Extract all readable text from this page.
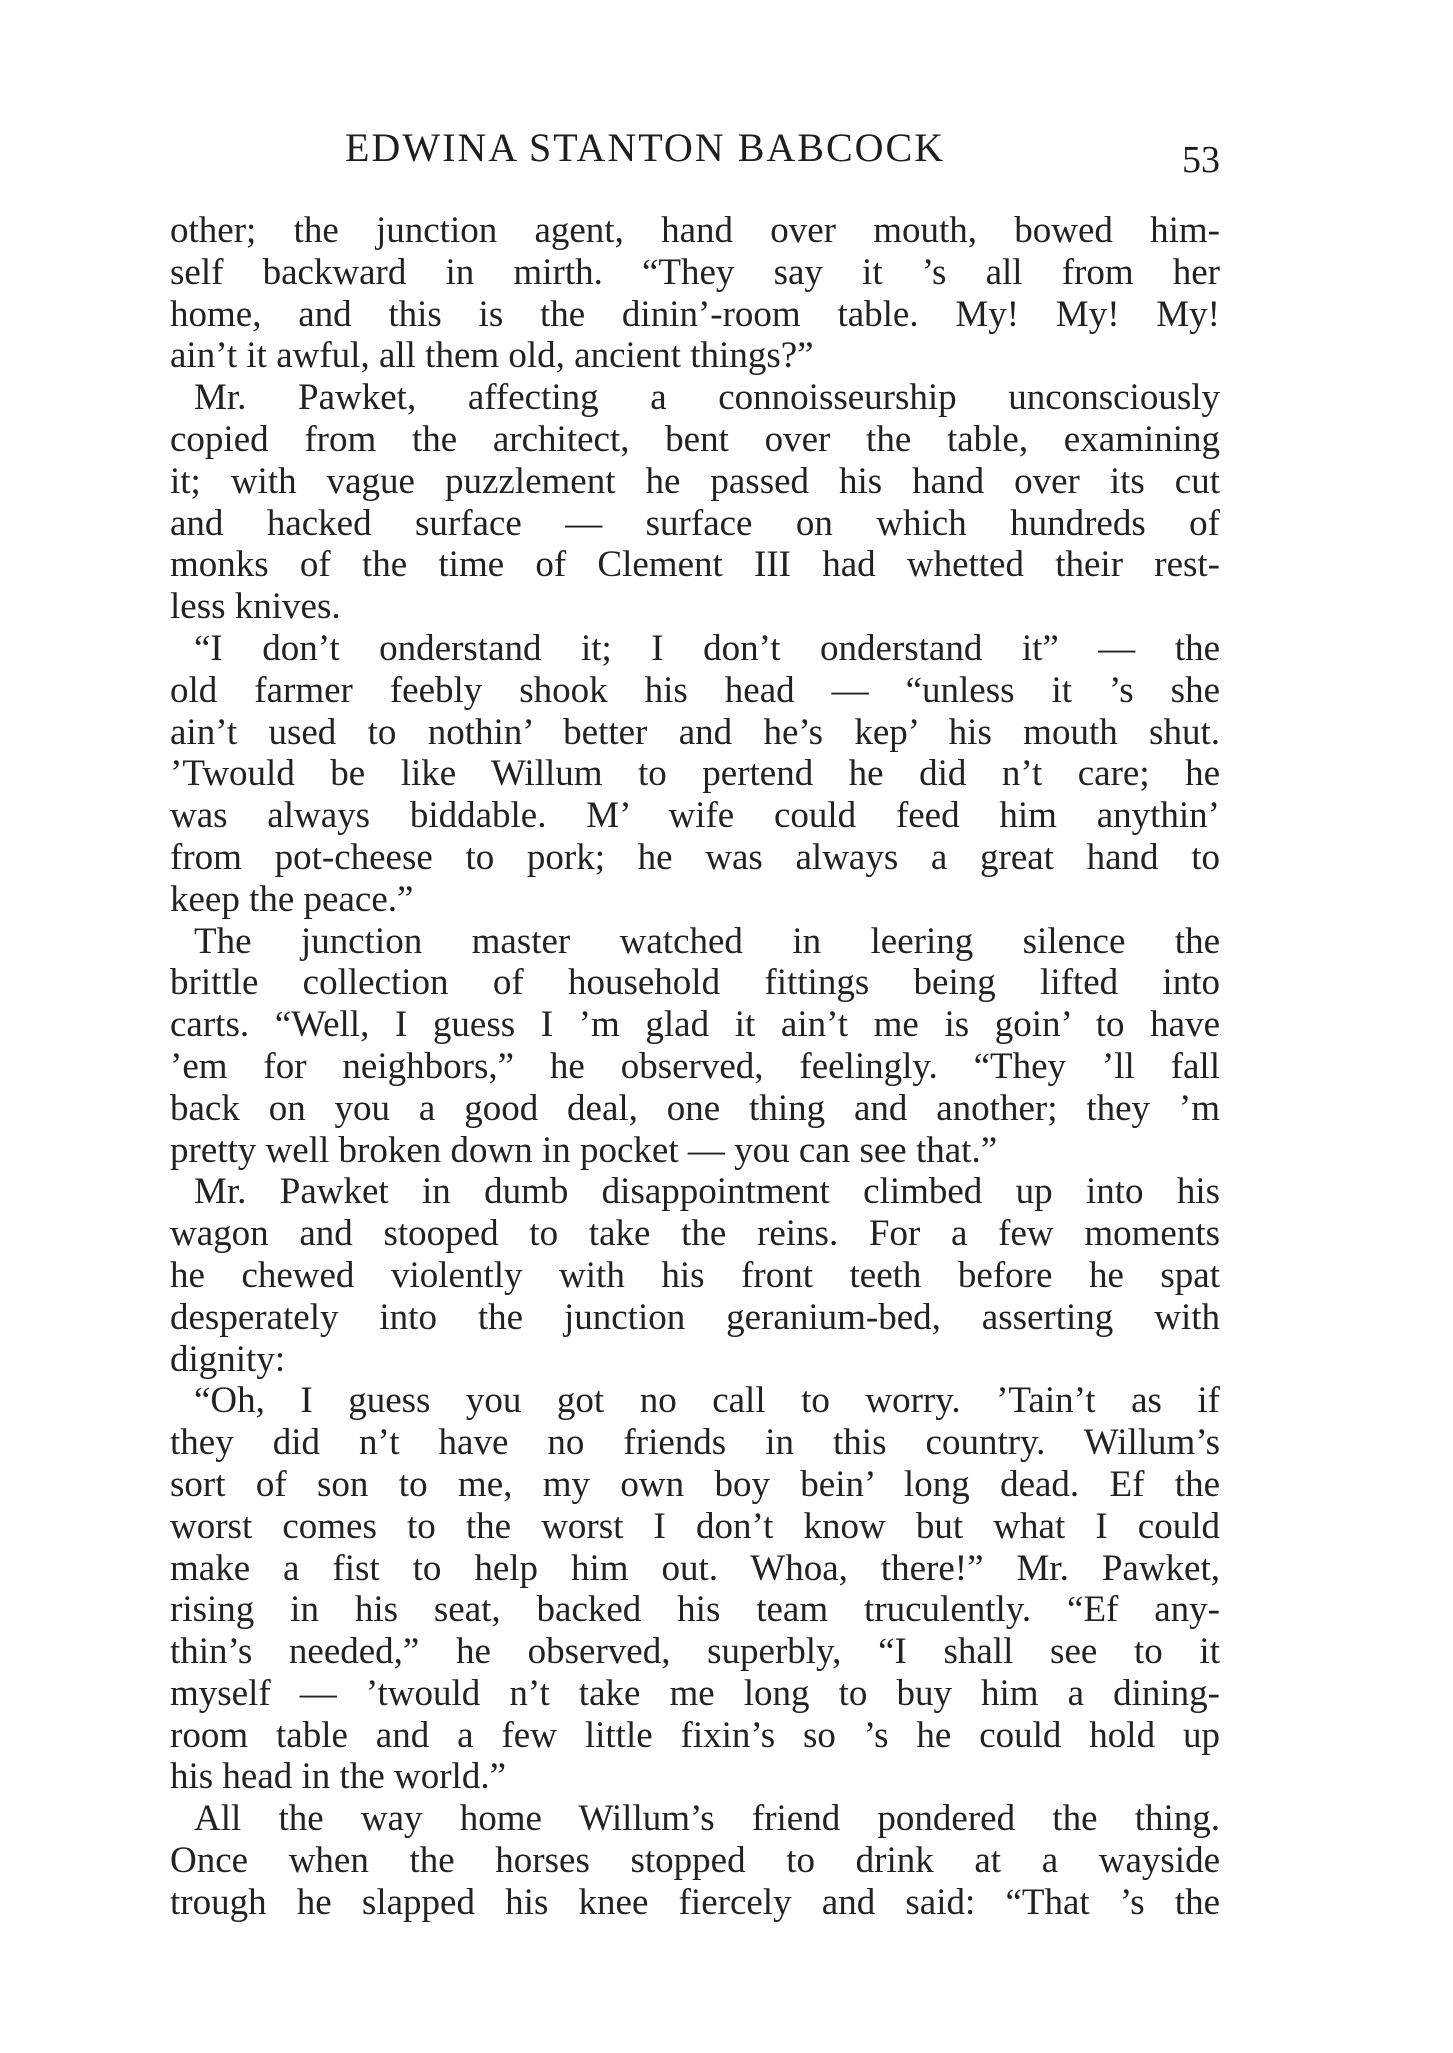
EDWINA STANTON BABCOCK	53
other; the junction agent, hand over mouth, bowed him-
self backward in mirth. “They say it ’s all from her
home, and this is the dinin’-room table. My! My! My!
ain’t it awful, all them old, ancient things?”
Mr. Pawket, affecting a connoisseurship unconsciously
copied from the architect, bent over the table, examining
it; with vague puzzlement he passed his hand over its cut
and hacked surface — surface on which hundreds of
monks of the time of Clement III had whetted their rest-
less knives.
“I don’t onderstand it; I don’t onderstand it” — the
old farmer feebly shook his head — “unless it ’s she
ain’t used to nothin’ better and he’s kep’ his mouth shut.
’Twould be like Willum to pertend he did n’t care; he
was always biddable. M’ wife could feed him anythin’
from pot-cheese to pork; he was always a great hand to
keep the peace.”
The junction master watched in leering silence the
brittle collection of household fittings being lifted into
carts. “Well, I guess I ’m glad it ain’t me is goin’ to have
’em for neighbors,” he observed, feelingly. “They ’ll fall
back on you a good deal, one thing and another; they ’m
pretty well broken down in pocket — you can see that.”
Mr. Pawket in dumb disappointment climbed up into his
wagon and stooped to take the reins. For a few moments
he chewed violently with his front teeth before he spat
desperately into the junction geranium-bed, asserting with
dignity:
“Oh, I guess you got no call to worry. ’Tain’t as if
they did n’t have no friends in this country. Willum’s
sort of son to me, my own boy bein’ long dead. Ef the
worst comes to the worst I don’t know but what I could
make a fist to help him out. Whoa, there!” Mr. Pawket,
rising in his seat, backed his team truculently. “Ef any-
thin’s needed,” he observed, superbly, “I shall see to it
myself — ’twould n’t take me long to buy him a dining-
room table and a few little fixin’s so ’s he could hold up
his head in the world.”
All the way home Willum’s friend pondered the thing.
Once when the horses stopped to drink at a wayside
trough he slapped his knee fiercely and said: “That ’s the
